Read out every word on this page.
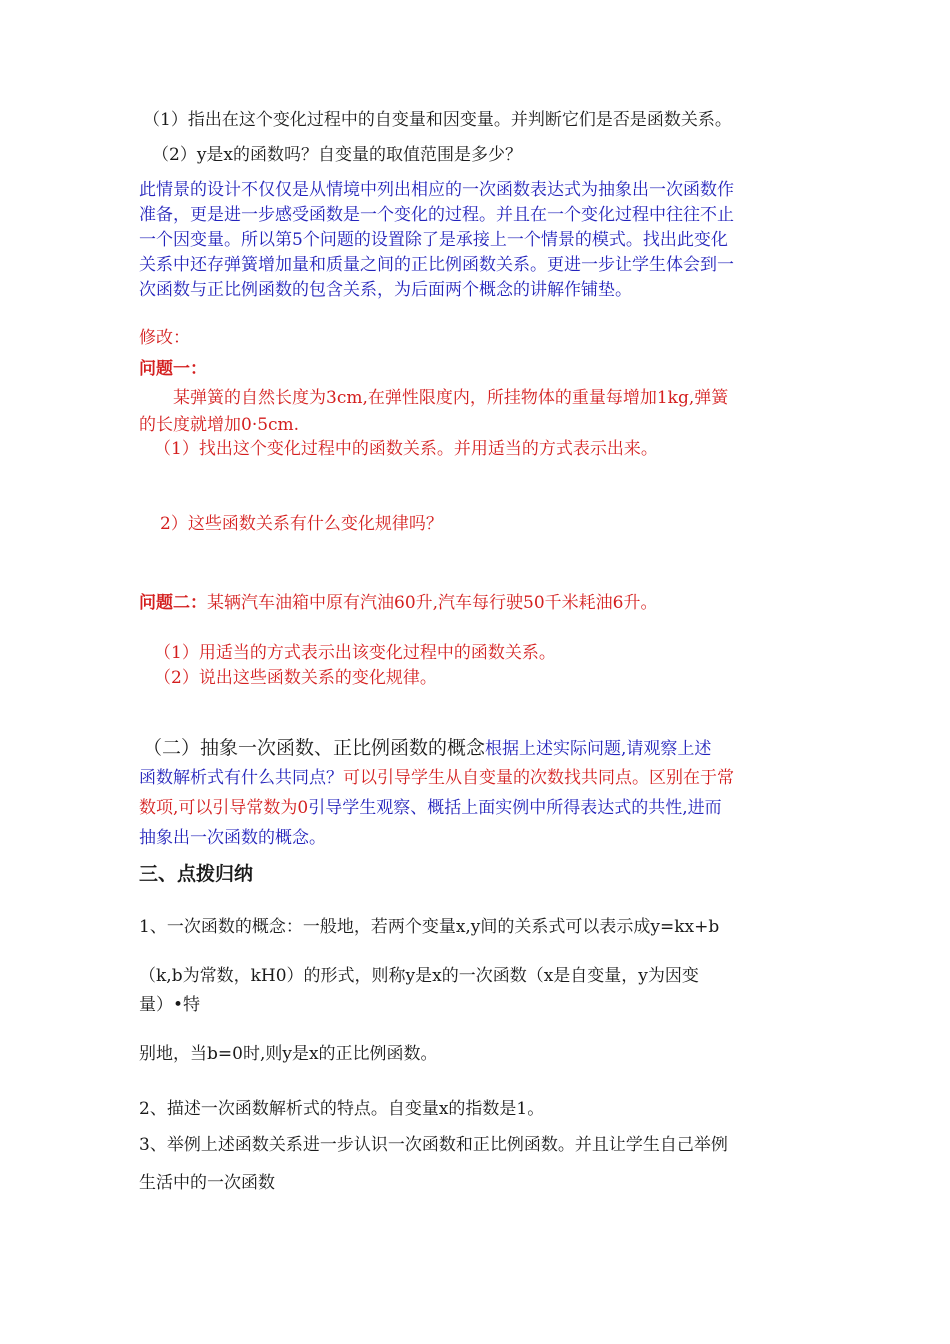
（1）指出在这个变化过程中的自变量和因变量。并判断它们是否是函数关系。
（2）y是x的函数吗？自变量的取值范围是多少？
此情景的设计不仅仅是从情境中列出相应的一次函数表达式为抽象出一次函数作
准备，更是进一步感受函数是一个变化的过程。并且在一个变化过程中往往不止
一个因变量。所以第5个问题的设置除了是承接上一个情景的模式。找出此变化
关系中还存弹簧增加量和质量之间的正比例函数关系。更进一步让学生体会到一
次函数与正比例函数的包含关系，为后面两个概念的讲解作铺垫。
修改：
问题一：
某弹簧的自然长度为3cm,在弹性限度内，所挂物体的重量每增加1kg,弹簧
的长度就增加0·5cm.
（1）找出这个变化过程中的函数关系。并用适当的方式表示出来。
2）这些函数关系有什么变化规律吗？
问题二：某辆汽车油箱中原有汽油60升,汽车每行驶50千米耗油6升。
（1）用适当的方式表示出该变化过程中的函数关系。
（2）说出这些函数关系的变化规律。
（二）抽象一次函数、正比例函数的概念根据上述实际问题,请观察上述
函数解析式有什么共同点？可以引导学生从自变量的次数找共同点。区别在于常
数项,可以引导常数为0引导学生观察、概括上面实例中所得表达式的共性,进而
抽象出一次函数的概念。
三、点拨归纳
1、一次函数的概念：一般地，若两个变量x,y间的关系式可以表示成y=kx+b
（k,b为常数，kH0）的形式，则称y是x的一次函数（x是自变量，y为因变
量）•特
别地，当b=0时,则y是x的正比例函数。
2、描述一次函数解析式的特点。自变量x的指数是1。
3、举例上述函数关系进一步认识一次函数和正比例函数。并且让学生自己举例
生活中的一次函数
